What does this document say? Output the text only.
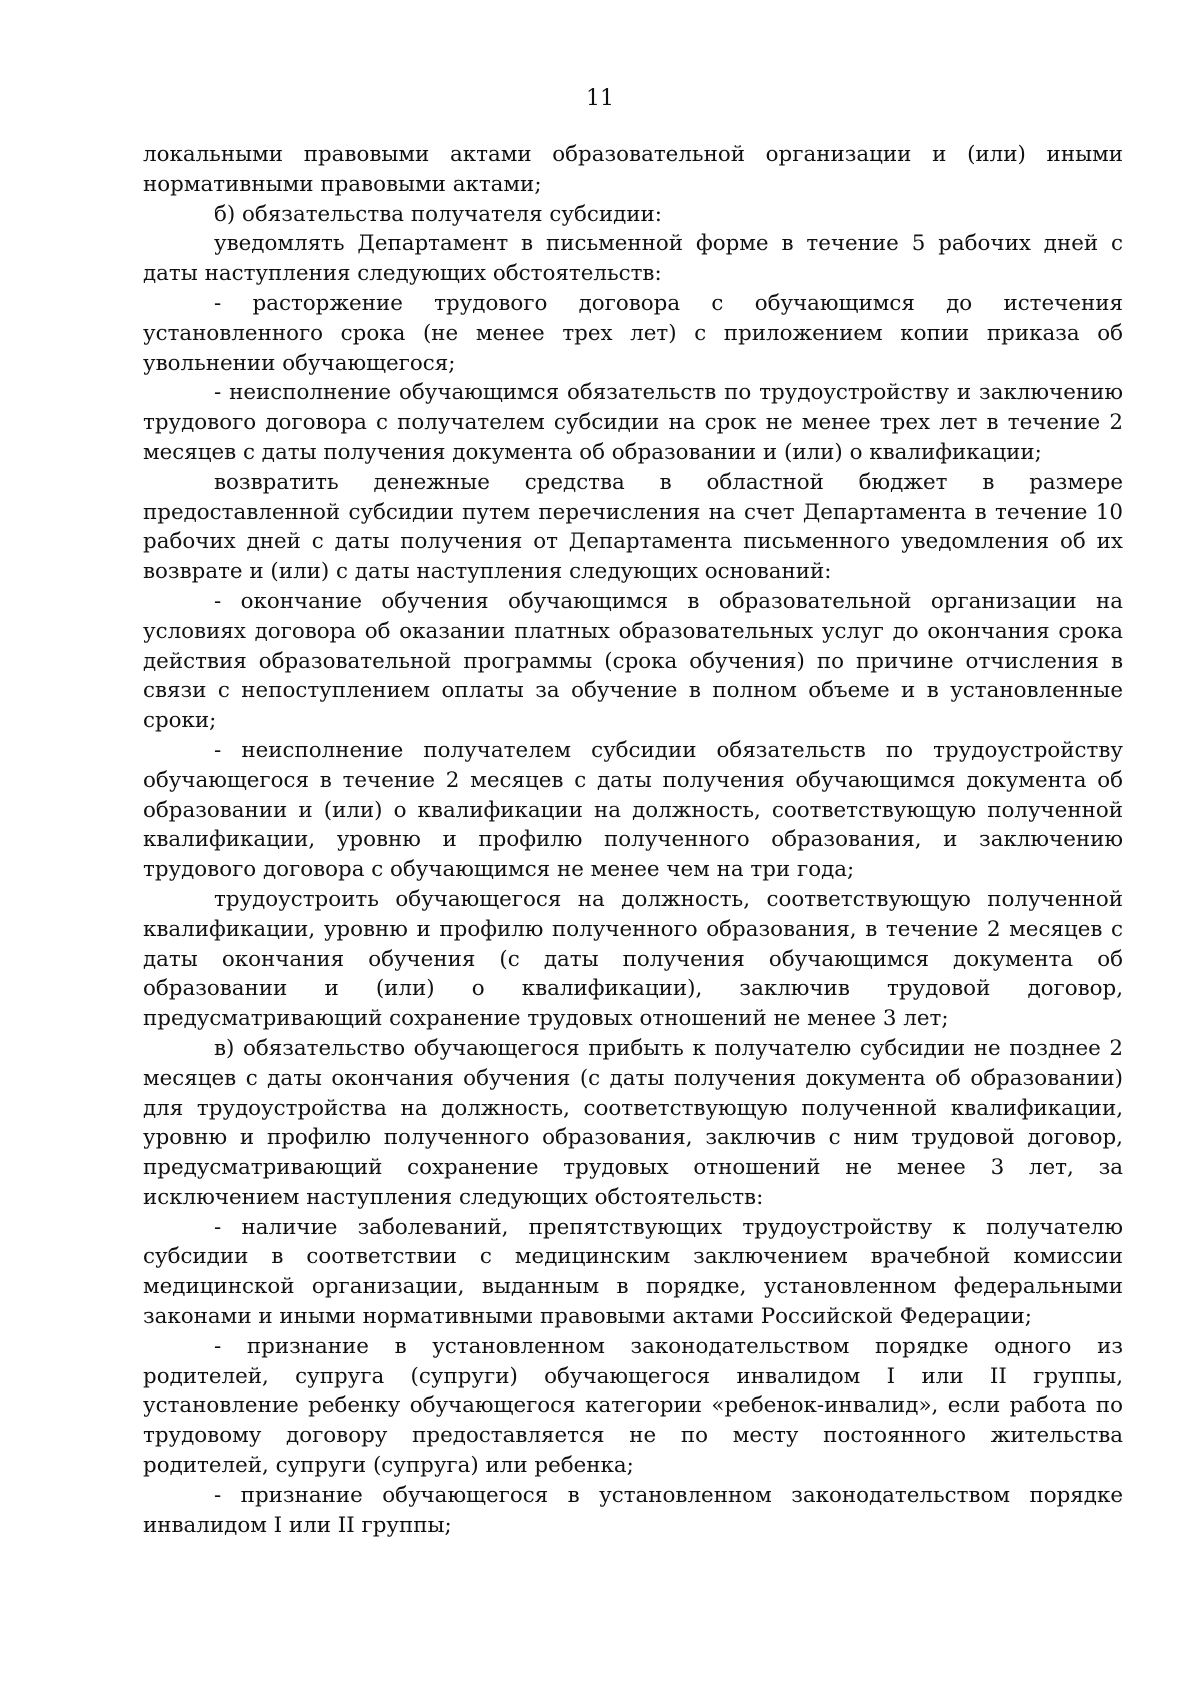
11

локальными правовыми актами образовательной организации и (или) иными нормативными правовыми актами;

б) обязательства получателя субсидии:

уведомлять Департамент в письменной форме в течение 5 рабочих дней с даты наступления следующих обстоятельств:

- расторжение трудового договора с обучающимся до истечения установленного срока (не менее трех лет) с приложением копии приказа об увольнении обучающегося;

- неисполнение обучающимся обязательств по трудоустройству и заключению трудового договора с получателем субсидии на срок не менее трех лет в течение 2 месяцев с даты получения документа об образовании и (или) о квалификации;

возвратить денежные средства в областной бюджет в размере предоставленной субсидии путем перечисления на счет Департамента в течение 10 рабочих дней с даты получения от Департамента письменного уведомления об их возврате и (или) с даты наступления следующих оснований:

- окончание обучения обучающимся в образовательной организации на условиях договора об оказании платных образовательных услуг до окончания срока действия образовательной программы (срока обучения) по причине отчисления в связи с непоступлением оплаты за обучение в полном объеме и в установленные сроки;

- неисполнение получателем субсидии обязательств по трудоустройству обучающегося в течение 2 месяцев с даты получения обучающимся документа об образовании и (или) о квалификации на должность, соответствующую полученной квалификации, уровню и профилю полученного образования, и заключению трудового договора с обучающимся не менее чем на три года;

трудоустроить обучающегося на должность, соответствующую полученной квалификации, уровню и профилю полученного образования, в течение 2 месяцев с даты окончания обучения (с даты получения обучающимся документа об образовании и (или) о квалификации), заключив трудовой договор, предусматривающий сохранение трудовых отношений не менее 3 лет;

в) обязательство обучающегося прибыть к получателю субсидии не позднее 2 месяцев с даты окончания обучения (с даты получения документа об образовании) для трудоустройства на должность, соответствующую полученной квалификации, уровню и профилю полученного образования, заключив с ним трудовой договор, предусматривающий сохранение трудовых отношений не менее 3 лет, за исключением наступления следующих обстоятельств:

- наличие заболеваний, препятствующих трудоустройству к получателю субсидии в соответствии с медицинским заключением врачебной комиссии медицинской организации, выданным в порядке, установленном федеральными законами и иными нормативными правовыми актами Российской Федерации;

- признание в установленном законодательством порядке одного из родителей, супруга (супруги) обучающегося инвалидом I или II группы, установление ребенку обучающегося категории «ребенок-инвалид», если работа по трудовому договору предоставляется не по месту постоянного жительства родителей, супруги (супруга) или ребенка;

- признание обучающегося в установленном законодательством порядке инвалидом I или II группы;
